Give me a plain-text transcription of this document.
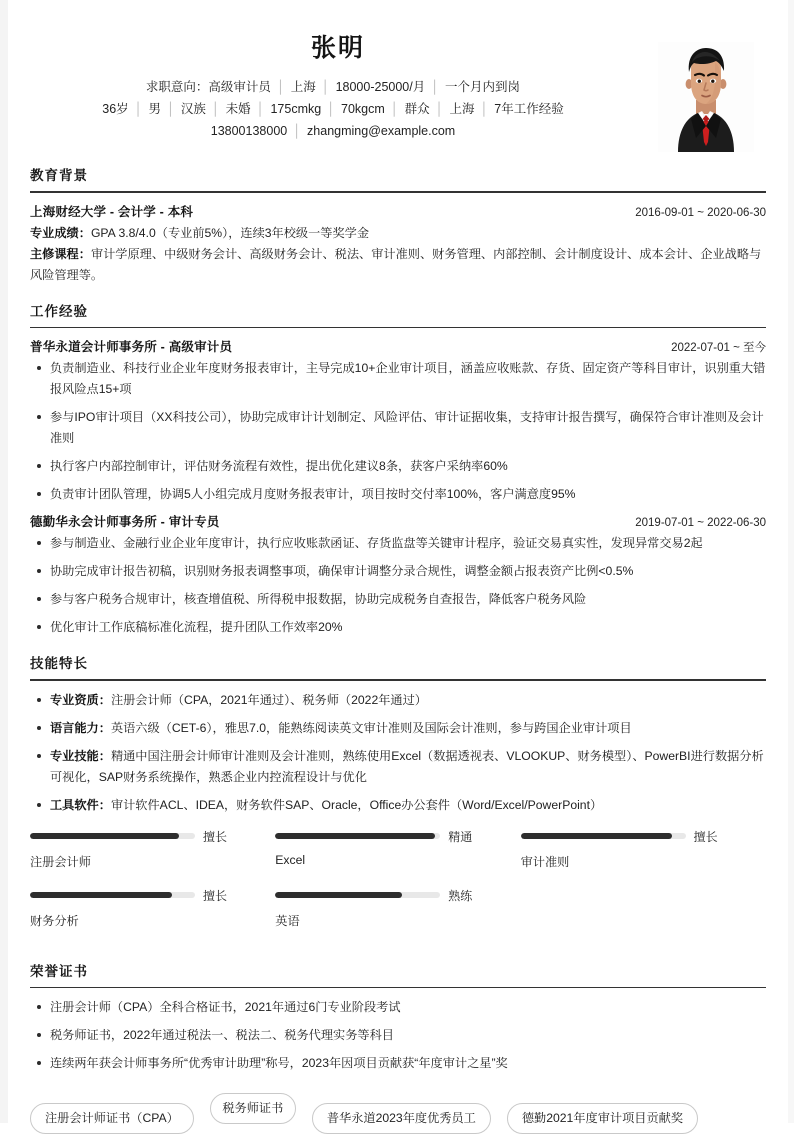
张明
求职意向：高级审计员 │ 上海 │ 18000-25000/月 │ 一个月内到岗
36岁 │ 男 │ 汉族 │ 未婚 │ 175cmkg │ 70kgcm │ 群众 │ 上海 │ 7年工作经验
13800138000 │ zhangming@example.com
教育背景
上海财经大学 - 会计学 - 本科	2016-09-01 ~ 2020-06-30
专业成绩：GPA 3.8/4.0（专业前5%），连续3年校级一等奖学金
主修课程：审计学原理、中级财务会计、高级财务会计、税法、审计准则、财务管理、内部控制、会计制度设计、成本会计、企业战略与风险管理等。
工作经验
普华永道会计师事务所 - 高级审计员	2022-07-01 ~ 至今
负责制造业、科技行业企业年度财务报表审计，主导完成10+企业审计项目，涵盖应收账款、存货、固定资产等科目审计，识别重大错报风险点15+项
参与IPO审计项目（XX科技公司），协助完成审计计划制定、风险评估、审计证据收集，支持审计报告撰写，确保符合审计准则及会计准则
执行客户内部控制审计，评估财务流程有效性，提出优化建议8条，获客户采纳率60%
负责审计团队管理，协调5人小组完成月度财务报表审计，项目按时交付率100%，客户满意度95%
德勤华永会计师事务所 - 审计专员	2019-07-01 ~ 2022-06-30
参与制造业、金融行业企业年度审计，执行应收账款函证、存货监盘等关键审计程序，验证交易真实性，发现异常交易2起
协助完成审计报告初稿，识别财务报表调整事项，确保审计调整分录合规性，调整金额占报表资产比例<0.5%
参与客户税务合规审计，核查增值税、所得税申报数据，协助完成税务自查报告，降低客户税务风险
优化审计工作底稿标准化流程，提升团队工作效率20%
技能特长
专业资质：注册会计师（CPA，2021年通过）、税务师（2022年通过）
语言能力：英语六级（CET-6），雅思7.0，能熟练阅读英文审计准则及国际会计准则，参与跨国企业审计项目
专业技能：精通中国注册会计师审计准则及会计准则，熟练使用Excel（数据透视表、VLOOKUP、财务模型）、PowerBI进行数据分析可视化，SAP财务系统操作，熟悉企业内控流程设计与优化
工具软件：审计软件ACL、IDEA，财务软件SAP、Oracle，Office办公套件（Word/Excel/PowerPoint）
擅长
注册会计师
精通
Excel
擅长
审计准则
擅长
财务分析
熟练
英语
荣誉证书
注册会计师（CPA）全科合格证书，2021年通过6门专业阶段考试
税务师证书，2022年通过税法一、税法二、税务代理实务等科目
连续两年获会计师事务所“优秀审计助理”称号，2023年因项目贡献获“年度审计之星”奖
注册会计师证书（CPA）
税务师证书
普华永道2023年度优秀员工	德勤2021年度审计项目贡献奖
